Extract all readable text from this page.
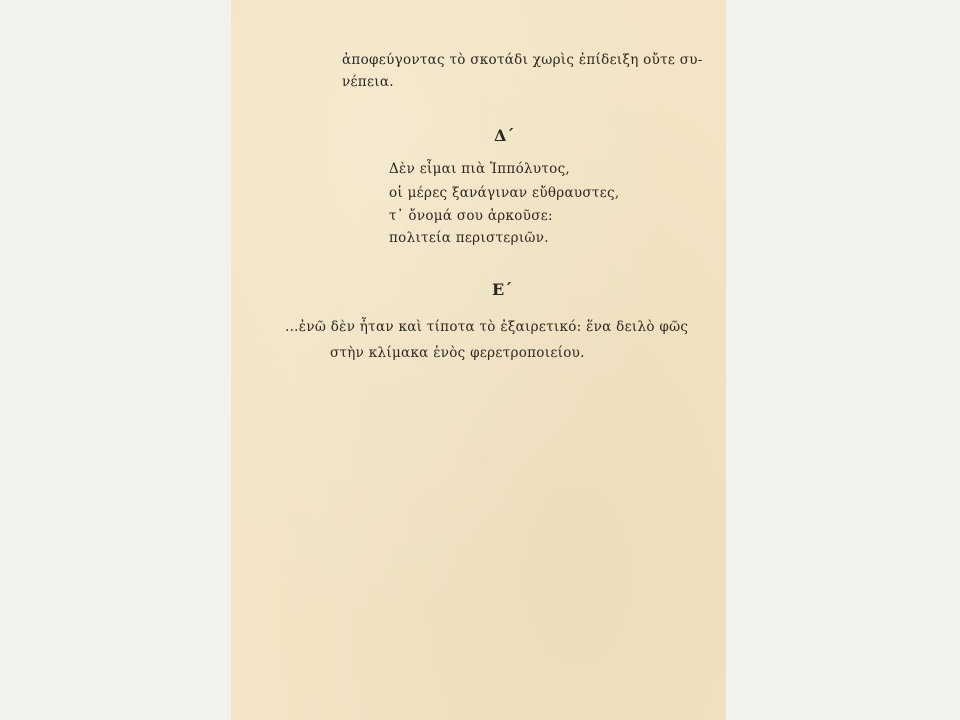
ἀποφεύγοντας τὸ σκοτάδι χωρὶς ἐπίδειξη οὔτε συ-

νέπεια.

Δ΄

Δὲν εἶμαι πιὰ Ἱππόλυτος,

οἱ μέρες ξανάγιναν εὔθραυστες,

τ᾿ ὄνομά σου ἀρκοῦσε:

πολιτεία περιστεριῶν.

Ε΄

...ἐνῶ δὲν ἦταν καὶ τίποτα τὸ ἐξαιρετικό: ἕνα δειλὸ φῶς

στὴν κλίμακα ἑνὸς φερετροποιείου.
